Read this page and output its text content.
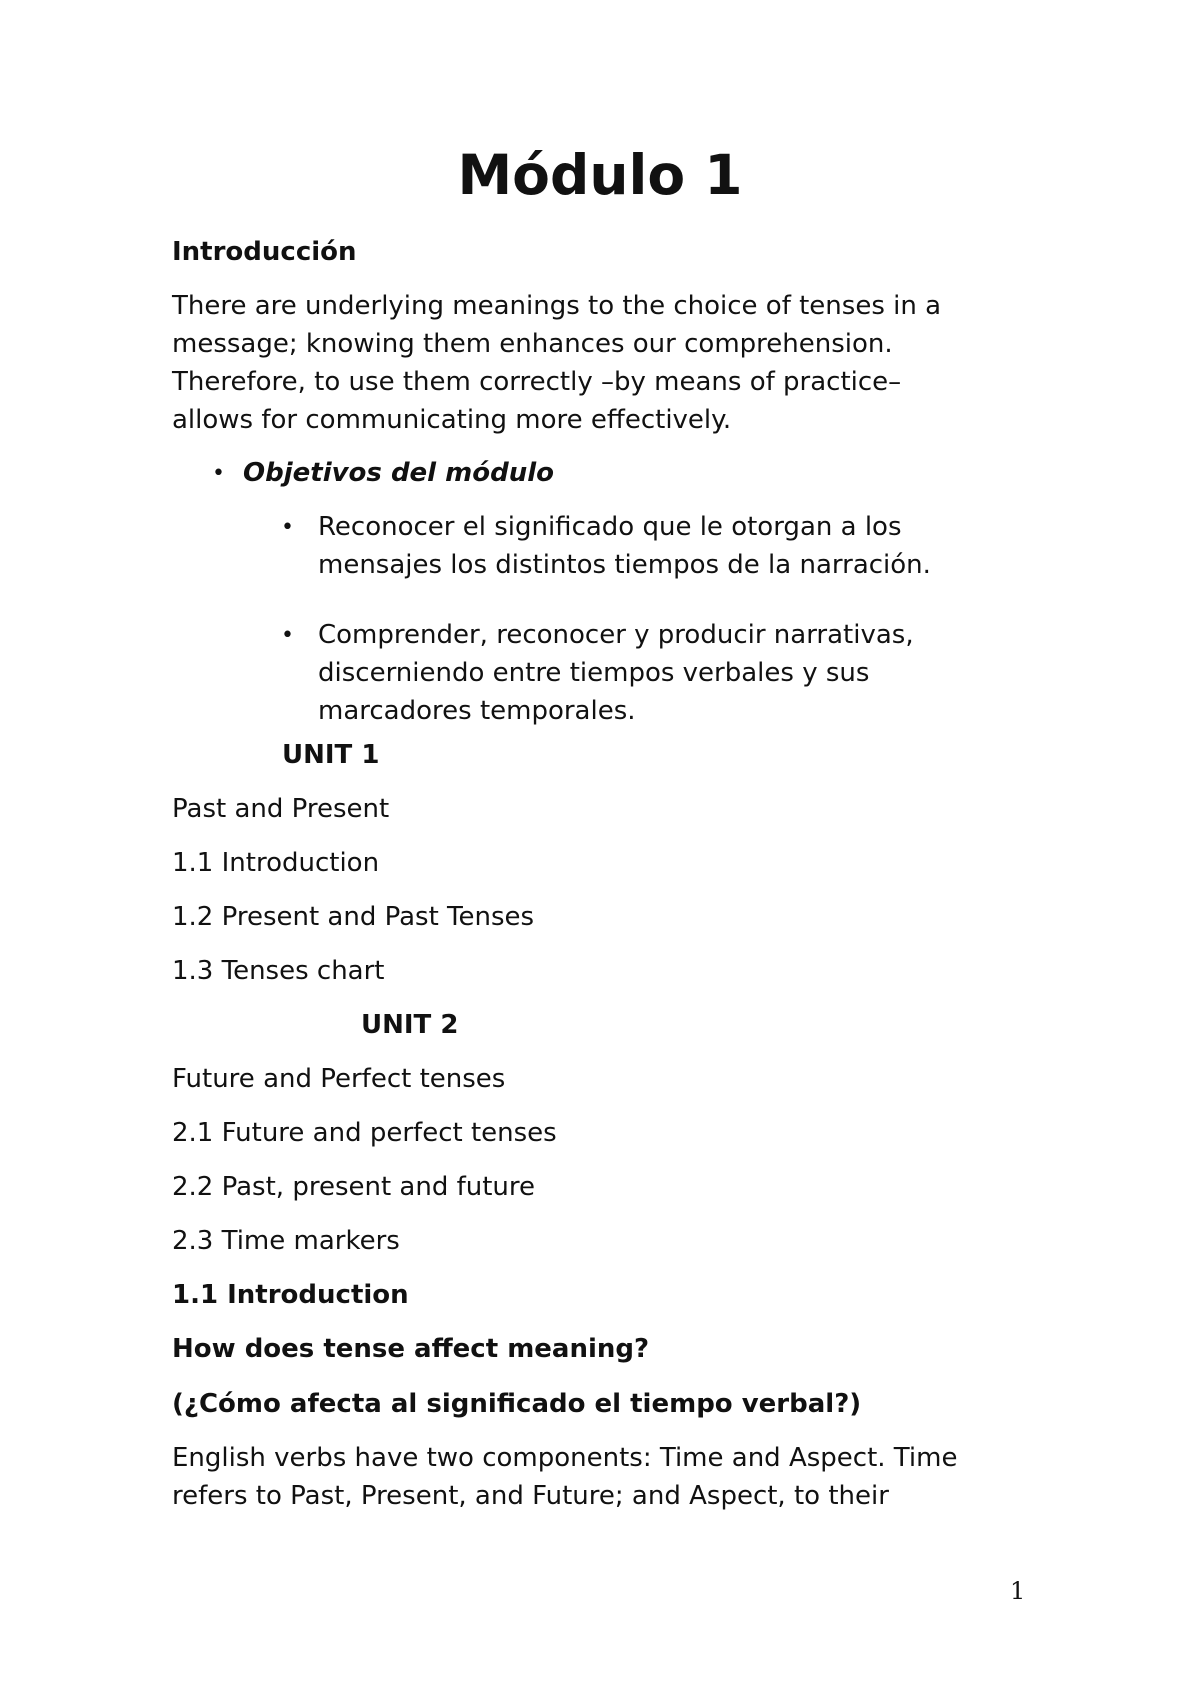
Módulo 1

Introducción

There are underlying meanings to the choice of tenses in a
message; knowing them enhances our comprehension.
Therefore, to use them correctly –by means of practice–
allows for communicating more effectively.

• Objetivos del módulo

• Reconocer el significado que le otorgan a los

mensajes los distintos tiempos de la narración.

• Comprender, reconocer y producir narrativas,

discerniendo entre tiempos verbales y sus

marcadores temporales.

UNIT 1

Past and Present

1.1 Introduction

1.2 Present and Past Tenses

1.3 Tenses chart

UNIT 2

Future and Perfect tenses

2.1 Future and perfect tenses

2.2 Past, present and future

2.3 Time markers

1.1 Introduction

How does tense affect meaning?

(¿Cómo afecta al significado el tiempo verbal?)

English verbs have two components: Time and Aspect. Time

refers to Past, Present, and Future; and Aspect, to their

1
